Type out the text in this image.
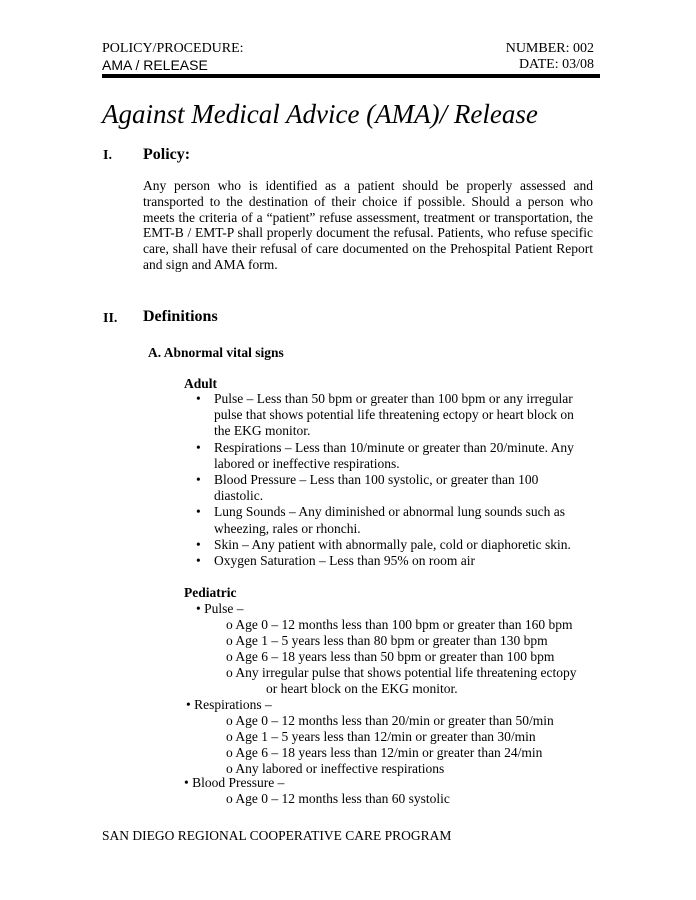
POLICY/PROCEDURE:
AMA / RELEASE
NUMBER: 002
DATE: 03/08
Against Medical Advice (AMA)/ Release
I. Policy:
Any person who is identified as a patient should be properly assessed and transported to the destination of their choice if possible. Should a person who meets the criteria of a “patient” refuse assessment, treatment or transportation, the EMT-B / EMT-P shall properly document the refusal. Patients, who refuse specific care, shall have their refusal of care documented on the Prehospital Patient Report and sign and AMA form.
II. Definitions
A. Abnormal vital signs
Adult
• Pulse – Less than 50 bpm or greater than 100 bpm or any irregular pulse that shows potential life threatening ectopy or heart block on the EKG monitor.
• Respirations – Less than 10/minute or greater than 20/minute. Any labored or ineffective respirations.
• Blood Pressure – Less than 100 systolic, or greater than 100 diastolic.
• Lung Sounds – Any diminished or abnormal lung sounds such as wheezing, rales or rhonchi.
• Skin – Any patient with abnormally pale, cold or diaphoretic skin.
• Oxygen Saturation – Less than 95% on room air
Pediatric
• Pulse –
o Age 0 – 12 months less than 100 bpm or greater than 160 bpm
o Age 1 – 5 years less than 80 bpm or greater than 130 bpm
o Age 6 – 18 years less than 50 bpm or greater than 100 bpm
o Any irregular pulse that shows potential life threatening ectopy
or heart block on the EKG monitor.
• Respirations –
o Age 0 – 12 months less than 20/min or greater than 50/min
o Age 1 – 5 years less than 12/min or greater than 30/min
o Age 6 – 18 years less than 12/min or greater than 24/min
o Any labored or ineffective respirations
• Blood Pressure –
o Age 0 – 12 months less than 60 systolic
SAN DIEGO REGIONAL COOPERATIVE CARE PROGRAM
